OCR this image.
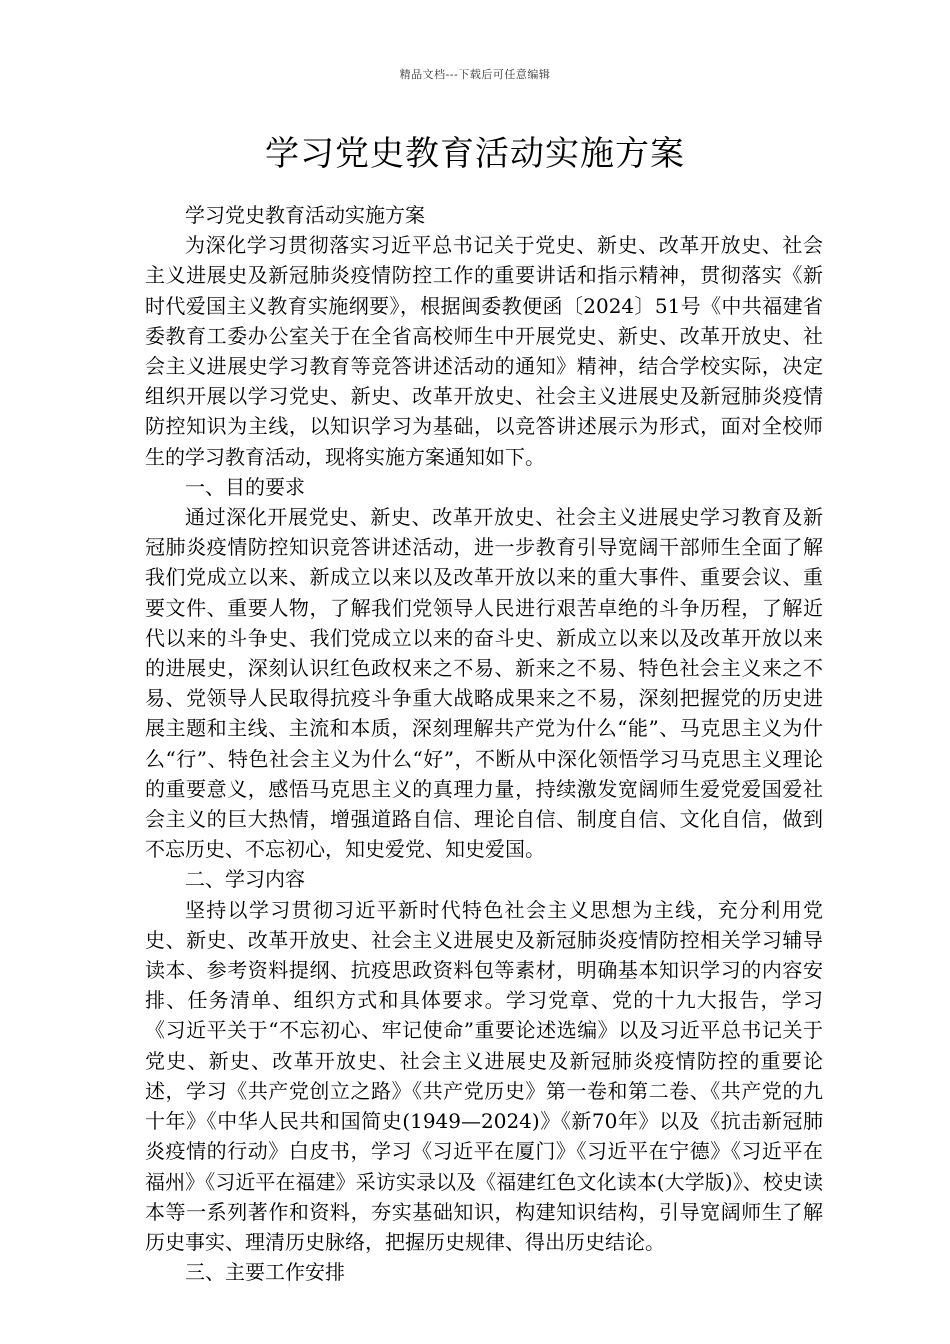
精品文档---下载后可任意编辑
学习党史教育活动实施方案

学习党史教育活动实施方案

为深化学习贯彻落实习近平总书记关于党史、新史、改革开放史、社会主义进展史及新冠肺炎疫情防控工作的重要讲话和指示精神，贯彻落实《新时代爱国主义教育实施纲要》，根据闽委教便函〔2024〕51号《中共福建省委教育工委办公室关于在全省高校师生中开展党史、新史、改革开放史、社会主义进展史学习教育等竞答讲述活动的通知》精神，结合学校实际，决定组织开展以学习党史、新史、改革开放史、社会主义进展史及新冠肺炎疫情防控知识为主线，以知识学习为基础，以竞答讲述展示为形式，面对全校师生的学习教育活动，现将实施方案通知如下。

一、目的要求

通过深化开展党史、新史、改革开放史、社会主义进展史学习教育及新冠肺炎疫情防控知识竞答讲述活动，进一步教育引导宽阔干部师生全面了解我们党成立以来、新成立以来以及改革开放以来的重大事件、重要会议、重要文件、重要人物，了解我们党领导人民进行艰苦卓绝的斗争历程，了解近代以来的斗争史、我们党成立以来的奋斗史、新成立以来以及改革开放以来的进展史，深刻认识红色政权来之不易、新来之不易、特色社会主义来之不易、党领导人民取得抗疫斗争重大战略成果来之不易，深刻把握党的历史进展主题和主线、主流和本质，深刻理解共产党为什么“能”、马克思主义为什么“行”、特色社会主义为什么“好”，不断从中深化领悟学习马克思主义理论的重要意义，感悟马克思主义的真理力量，持续激发宽阔师生爱党爱国爱社会主义的巨大热情，增强道路自信、理论自信、制度自信、文化自信，做到不忘历史、不忘初心，知史爱党、知史爱国。

二、学习内容

坚持以学习贯彻习近平新时代特色社会主义思想为主线，充分利用党史、新史、改革开放史、社会主义进展史及新冠肺炎疫情防控相关学习辅导读本、参考资料提纲、抗疫思政资料包等素材，明确基本知识学习的内容安排、任务清单、组织方式和具体要求。学习党章、党的十九大报告，学习《习近平关于“不忘初心、牢记使命”重要论述选编》以及习近平总书记关于党史、新史、改革开放史、社会主义进展史及新冠肺炎疫情防控的重要论述，学习《共产党创立之路》《共产党历史》第一卷和第二卷、《共产党的九十年》《中华人民共和国简史(1949—2024)》《新70年》以及《抗击新冠肺炎疫情的行动》白皮书，学习《习近平在厦门》《习近平在宁德》《习近平在福州》《习近平在福建》采访实录以及《福建红色文化读本(大学版)》、校史读本等一系列著作和资料，夯实基础知识，构建知识结构，引导宽阔师生了解历史事实、理清历史脉络，把握历史规律、得出历史结论。

三、主要工作安排
